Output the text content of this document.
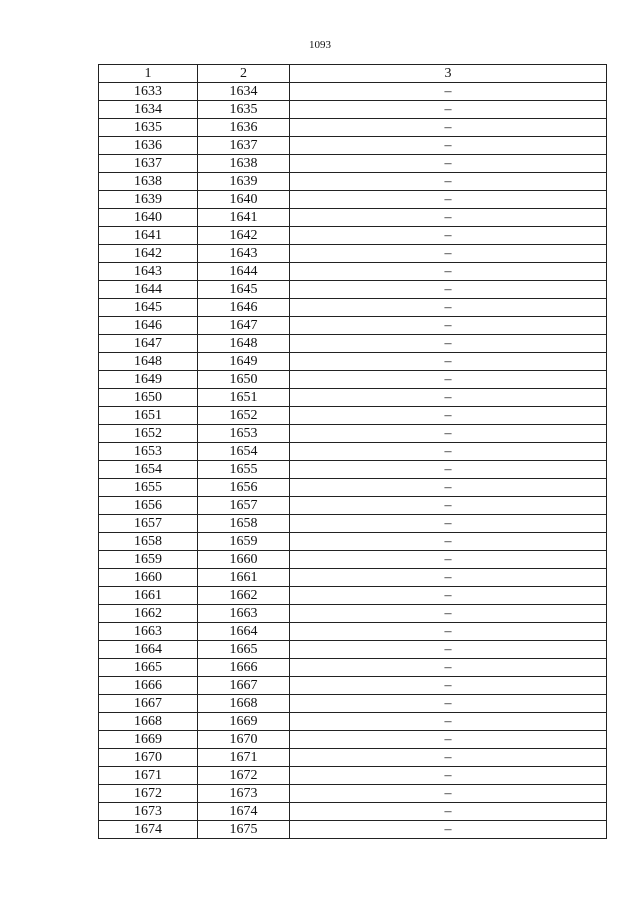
1093
1	2	3
1633	1634	–
1634	1635	–
1635	1636	–
1636	1637	–
1637	1638	–
1638	1639	–
1639	1640	–
1640	1641	–
1641	1642	–
1642	1643	–
1643	1644	–
1644	1645	–
1645	1646	–
1646	1647	–
1647	1648	–
1648	1649	–
1649	1650	–
1650	1651	–
1651	1652	–
1652	1653	–
1653	1654	–
1654	1655	–
1655	1656	–
1656	1657	–
1657	1658	–
1658	1659	–
1659	1660	–
1660	1661	–
1661	1662	–
1662	1663	–
1663	1664	–
1664	1665	–
1665	1666	–
1666	1667	–
1667	1668	–
1668	1669	–
1669	1670	–
1670	1671	–
1671	1672	–
1672	1673	–
1673	1674	–
1674	1675	–
